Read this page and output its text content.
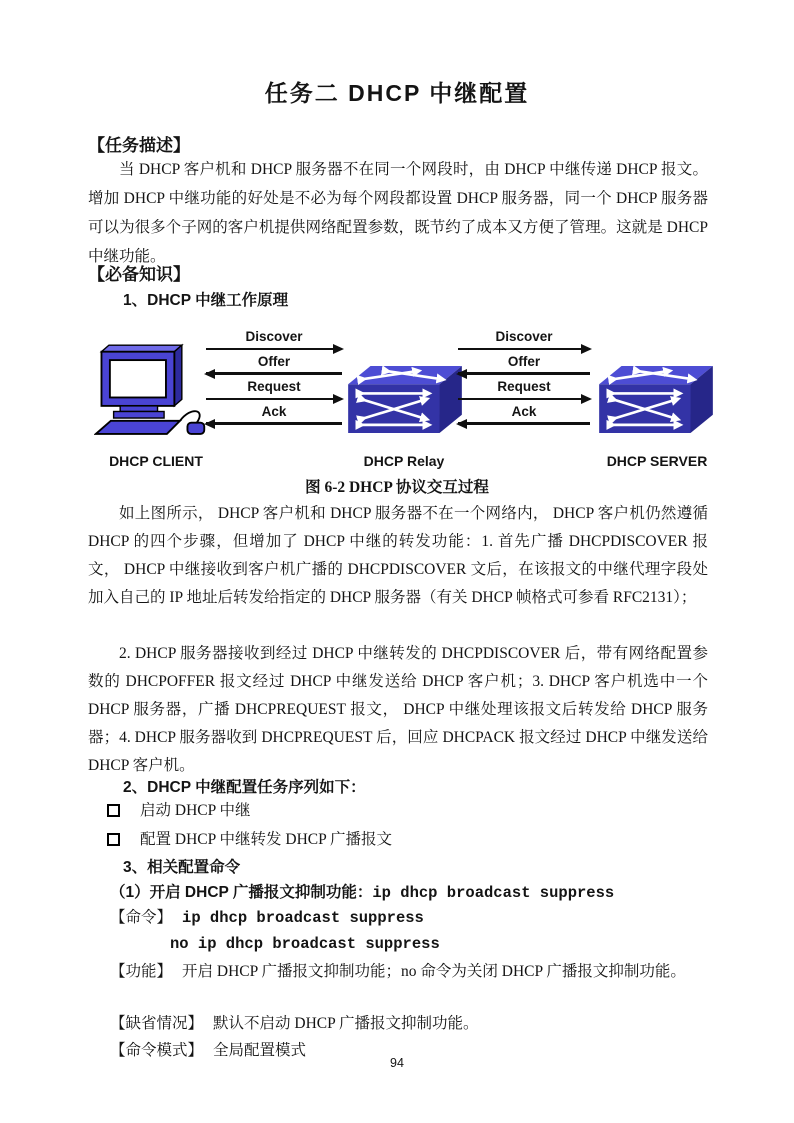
任务二 DHCP 中继配置
【任务描述】

当 DHCP 客户机和 DHCP 服务器不在同一个网段时，由 DHCP 中继传递 DHCP 报文。增加 DHCP 中继功能的好处是不必为每个网段都设置 DHCP 服务器，同一个 DHCP 服务器可以为很多个子网的客户机提供网络配置参数，既节约了成本又方便了管理。这就是 DHCP 中继功能。

【必备知识】
1、DHCP 中继工作原理
Discover
Offer
Request
Ack
Discover
Offer
Request
Ack
DHCP CLIENT	DHCP Relay	DHCP SERVER
图 6-2 DHCP 协议交互过程

如上图所示， DHCP 客户机和 DHCP 服务器不在一个网络内， DHCP 客户机仍然遵循 DHCP 的四个步骤，但增加了 DHCP 中继的转发功能：1. 首先广播 DHCPDISCOVER 报文， DHCP 中继接收到客户机广播的 DHCPDISCOVER 文后，在该报文的中继代理字段处加入自己的 IP 地址后转发给指定的 DHCP 服务器（有关 DHCP 帧格式可参看 RFC2131）；

2. DHCP 服务器接收到经过 DHCP 中继转发的 DHCPDISCOVER 后，带有网络配置参数的 DHCPOFFER 报文经过 DHCP 中继发送给 DHCP 客户机；3. DHCP 客户机选中一个 DHCP 服务器，广播 DHCPREQUEST 报文， DHCP 中继处理该报文后转发给 DHCP 服务器；4. DHCP 服务器收到 DHCPREQUEST 后，回应 DHCPACK 报文经过 DHCP 中继发送给 DHCP 客户机。

2、DHCP 中继配置任务序列如下：
启动 DHCP 中继
配置 DHCP 中继转发 DHCP 广播报文
3、相关配置命令
（1）开启 DHCP 广播报文抑制功能：ip dhcp broadcast suppress
【命令】 ip dhcp broadcast suppress
no ip dhcp broadcast suppress

【功能】 开启 DHCP 广播报文抑制功能；no 命令为关闭 DHCP 广播报文抑制功能。

【缺省情况】 默认不启动 DHCP 广播报文抑制功能。
【命令模式】 全局配置模式
94
